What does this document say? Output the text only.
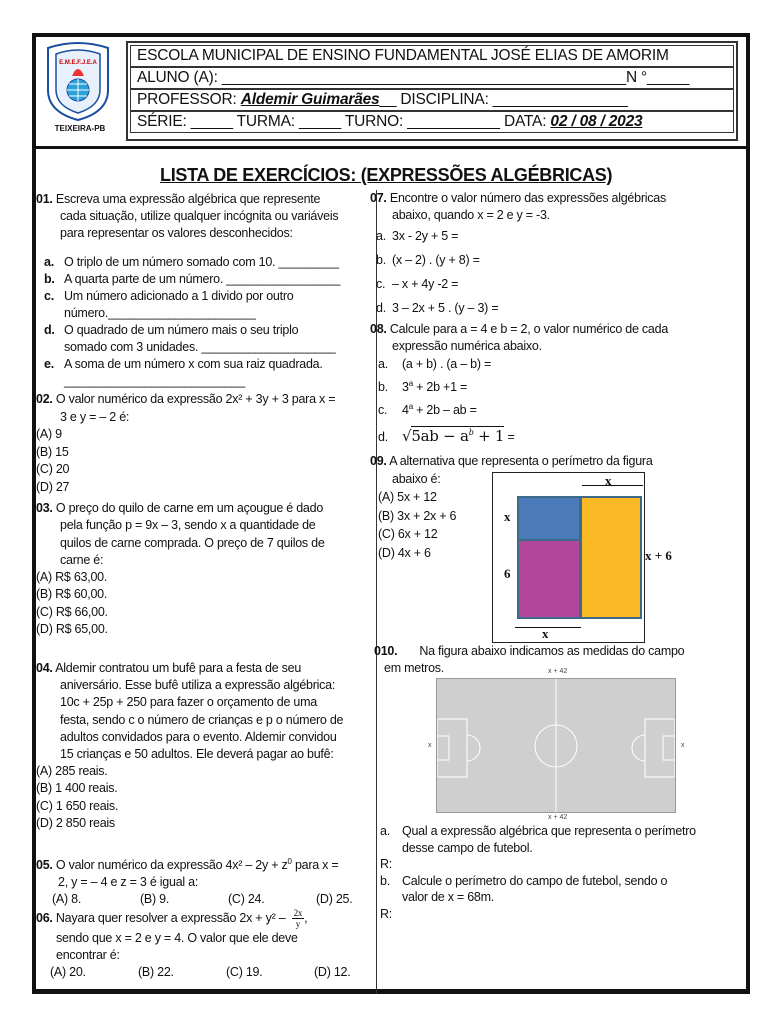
E.M.E.F.J.E.A
TEIXEIRA-PB
ESCOLA MUNICIPAL DE ENSINO FUNDAMENTAL JOSÉ ELIAS DE AMORIM
ALUNO (A): ________________________________________________N °_____
PROFESSOR: Aldemir Guimarães__ DISCIPLINA: ________________
SÉRIE: _____ TURMA: _____ TURNO: ___________ DATA: 02 / 08 / 2023
LISTA DE EXERCÍCIOS: (EXPRESSÕES ALGÉBRICAS)
01. Escreva uma expressão algébrica que represente
cada situação, utilize qualquer incógnita ou variáveis
para representar os valores desconhecidos:
a. O triplo de um número somado com 10. _________
b. A quarta parte de um número. _________________
c. Um número adicionado a 1 divido por outro
número.______________________
d. O quadrado de um número mais o seu triplo
somado com 3 unidades. ____________________
e. A soma de um número x com sua raiz quadrada.
___________________________
02. O valor numérico da expressão 2x² + 3y + 3 para x =
3 e y = – 2 é:
(A) 9
(B) 15
(C) 20
(D) 27
03. O preço do quilo de carne em um açougue é dado
pela função p = 9x – 3, sendo x a quantidade de
quilos de carne comprada. O preço de 7 quilos de
carne é:
(A) R$ 63,00.
(B) R$ 60,00.
(C) R$ 66,00.
(D) R$ 65,00.
04. Aldemir contratou um bufê para a festa de seu
aniversário. Esse bufê utiliza a expressão algébrica:
10c + 25p + 250 para fazer o orçamento de uma
festa, sendo c o número de crianças e p o número de
adultos convidados para o evento. Aldemir convidou
15 crianças e 50 adultos. Ele deverá pagar ao bufê:
(A) 285 reais.
(B) 1 400 reais.
(C) 1 650 reais.
(D) 2 850 reais
05. O valor numérico da expressão $4x^2 - 2y + z^0$ para x =
2, y = – 4 e z = 3 é igual a:
(A) 8.	(B) 9.	(C) 24.	(D) 25.
06. Nayara quer resolver a expressão $2x + y^2 - \frac{2x}{y}$ ,
sendo que x = 2 e y = 4. O valor que ele deve
encontrar é:
(A) 20.	(B) 22.	(C) 19.	(D) 12.
07. Encontre o valor número das expressões algébricas
abaixo, quando x = 2 e y = -3.
a. 3x - 2y + 5 =
b. (x – 2) . (y + 8) =
c. – x + 4y -2 =
d. 3 – 2x + 5 . (y – 3) =
08. Calcule para a = 4 e b = 2, o valor numérico de cada
expressão numérica abaixo.
a. (a + b) . (a – b) =
b. $3^a + 2b +1$ =
c. $4^a + 2b$ – ab =
d. $√5ab - a^b + 1$ =
09. A alternativa que representa o perímetro da figura
abaixo é:
(A) 5x + 12
(B) 3x + 2x + 6
(C) 6x + 12
(D) 4x + 6
x
x
6
x + 6
x
010. Na figura abaixo indicamos as medidas do campo
em metros.	x + 42
x	x
x + 42
a. Qual a expressão algébrica que representa o perímetro
desse campo de futebol.
R:
b. Calcule o perímetro do campo de futebol, sendo o
valor de x = 68m.
R:
